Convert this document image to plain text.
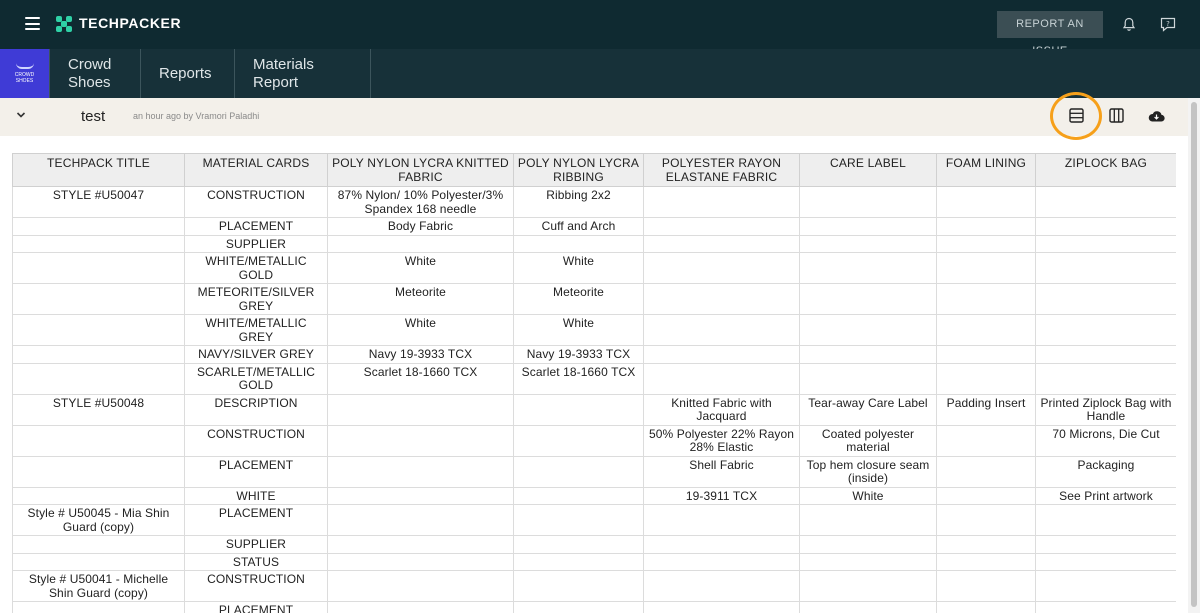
TECHPACKER	REPORT AN	?
CROWD
SHOES
Crowd Shoes
Reports
Materials Report
test	an hour ago by Vramori Paladhi
TECHPACK TITLE	MATERIAL CARDS	POLY NYLON LYCRA KNITTED FABRIC	POLY NYLON LYCRA RIBBING	POLYESTER RAYON ELASTANE FABRIC	CARE LABEL	FOAM LINING	ZIPLOCK BAG
STYLE #U50047	CONSTRUCTION	87% Nylon/ 10% Polyester/3% Spandex 168 needle	Ribbing 2x2				
	PLACEMENT	Body Fabric	Cuff and Arch				
	SUPPLIER						
	WHITE/METALLIC GOLD	White	White				
	METEORITE/SILVER GREY	Meteorite	Meteorite				
	WHITE/METALLIC GREY	White	White				
	NAVY/SILVER GREY	Navy 19-3933 TCX	Navy 19-3933 TCX				
	SCARLET/METALLIC GOLD	Scarlet 18-1660 TCX	Scarlet 18-1660 TCX				
STYLE #U50048	DESCRIPTION			Knitted Fabric with Jacquard	Tear-away Care Label	Padding Insert	Printed Ziplock Bag with Handle
	CONSTRUCTION			50% Polyester 22% Rayon 28% Elastic	Coated polyester material		70 Microns, Die Cut
	PLACEMENT			Shell Fabric	Top hem closure seam (inside)		Packaging
	WHITE			19-3911 TCX	White		See Print artwork
Style # U50045 - Mia Shin Guard (copy)	PLACEMENT						
	SUPPLIER						
	STATUS						
Style # U50041 - Michelle Shin Guard (copy)	CONSTRUCTION						
	PLACEMENT						
